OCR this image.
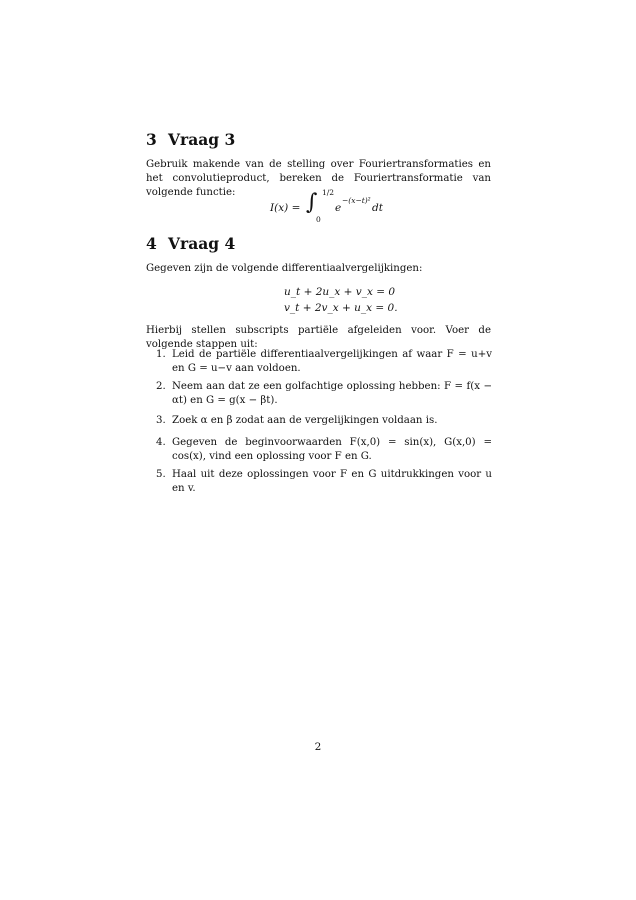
3 Vraag 3

Gebruik makende van de stelling over Fouriertransformaties en het convolutieproduct, bereken de Fouriertransformatie van volgende functie:

I(x) = ∫ 1/2
0
e
−(x−t)²
dt
4 Vraag 4

Gegeven zijn de volgende differentiaalvergelijkingen:

u_t + 2u_x + v_x = 0
v_t + 2v_x + u_x = 0.

Hierbij stellen subscripts partiële afgeleiden voor. Voer de volgende stappen uit:

1. Leid de partiële differentiaalvergelijkingen af waar F = u+v en G = u−v aan voldoen.
2. Neem aan dat ze een golfachtige oplossing hebben: F = f(x − αt) en G = g(x − βt).
3. Zoek α en β zodat aan de vergelijkingen voldaan is.
4. Gegeven de beginvoorwaarden F(x,0) = sin(x), G(x,0) = cos(x), vind een oplossing voor F en G.
5. Haal uit deze oplossingen voor F en G uitdrukkingen voor u en v.
2
